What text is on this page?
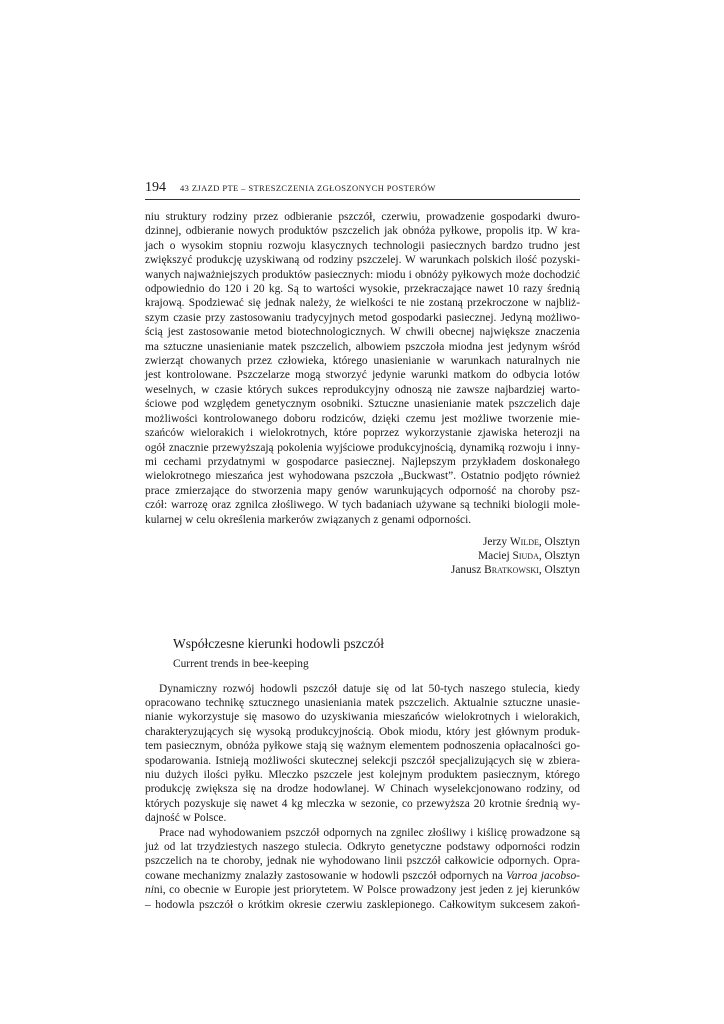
194 43 ZJAZD PTE – STRESZCZENIA ZGŁOSZONYCH POSTERÓW

niu struktury rodziny przez odbieranie pszczół, czerwiu, prowadzenie gospodarki dwuro-
dzinnej, odbieranie nowych produktów pszczelich jak obnóża pyłkowe, propolis itp. W kra-
jach o wysokim stopniu rozwoju klasycznych technologii pasiecznych bardzo trudno jest
zwiększyć produkcję uzyskiwaną od rodziny pszczelej. W warunkach polskich ilość pozyski-
wanych najważniejszych produktów pasiecznych: miodu i obnóży pyłkowych może dochodzić
odpowiednio do 120 i 20 kg. Są to wartości wysokie, przekraczające nawet 10 razy średnią
krajową. Spodziewać się jednak należy, że wielkości te nie zostaną przekroczone w najbliż-
szym czasie przy zastosowaniu tradycyjnych metod gospodarki pasiecznej. Jedyną możliwo-
ścią jest zastosowanie metod biotechnologicznych. W chwili obecnej największe znaczenia
ma sztuczne unasienianie matek pszczelich, albowiem pszczoła miodna jest jedynym wśród
zwierząt chowanych przez człowieka, którego unasienianie w warunkach naturalnych nie
jest kontrolowane. Pszczelarze mogą stworzyć jedynie warunki matkom do odbycia lotów
weselnych, w czasie których sukces reprodukcyjny odnoszą nie zawsze najbardziej warto-
ściowe pod względem genetycznym osobniki. Sztuczne unasienianie matek pszczelich daje
możliwości kontrolowanego doboru rodziców, dzięki czemu jest możliwe tworzenie mie-
szańców wielorakich i wielokrotnych, które poprzez wykorzystanie zjawiska heterozji na
ogół znacznie przewyższają pokolenia wyjściowe produkcyjnością, dynamiką rozwoju i inny-
mi cechami przydatnymi w gospodarce pasiecznej. Najlepszym przykładem doskonałego
wielokrotnego mieszańca jest wyhodowana pszczoła „Buckwast”. Ostatnio podjęto również
prace zmierzające do stworzenia mapy genów warunkujących odporność na choroby psz-
czół: warrozę oraz zgnilca złośliwego. W tych badaniach używane są techniki biologii mole-
kularnej w celu określenia markerów związanych z genami odporności.

Jerzy Wilde, Olsztyn
Maciej Siuda, Olsztyn
Janusz Bratkowski, Olsztyn
Współczesne kierunki hodowli pszczół
Current trends in bee-keeping

Dynamiczny rozwój hodowli pszczół datuje się od lat 50-tych naszego stulecia, kiedy
opracowano technikę sztucznego unasieniania matek pszczelich. Aktualnie sztuczne unasie-
nianie wykorzystuje się masowo do uzyskiwania mieszańców wielokrotnych i wielorakich,
charakteryzujących się wysoką produkcyjnością. Obok miodu, który jest głównym produk-
tem pasiecznym, obnóża pyłkowe stają się ważnym elementem podnoszenia opłacalności go-
spodarowania. Istnieją możliwości skutecznej selekcji pszczół specjalizujących się w zbiera-
niu dużych ilości pyłku. Mleczko pszczele jest kolejnym produktem pasiecznym, którego
produkcję zwiększa się na drodze hodowlanej. W Chinach wyselekcjonowano rodziny, od
których pozyskuje się nawet 4 kg mleczka w sezonie, co przewyższa 20 krotnie średnią wy-
dajność w Polsce.

Prace nad wyhodowaniem pszczół odpornych na zgnilec złośliwy i kiślicę prowadzone są
już od lat trzydziestych naszego stulecia. Odkryto genetyczne podstawy odporności rodzin
pszczelich na te choroby, jednak nie wyhodowano linii pszczół całkowicie odpornych. Opra-
cowane mechanizmy znalazły zastosowanie w hodowli pszczół odpornych na Varroa jacobso-
nini, co obecnie w Europie jest priorytetem. W Polsce prowadzony jest jeden z jej kierunków
– hodowla pszczół o krótkim okresie czerwiu zasklepionego. Całkowitym sukcesem zakoń-
